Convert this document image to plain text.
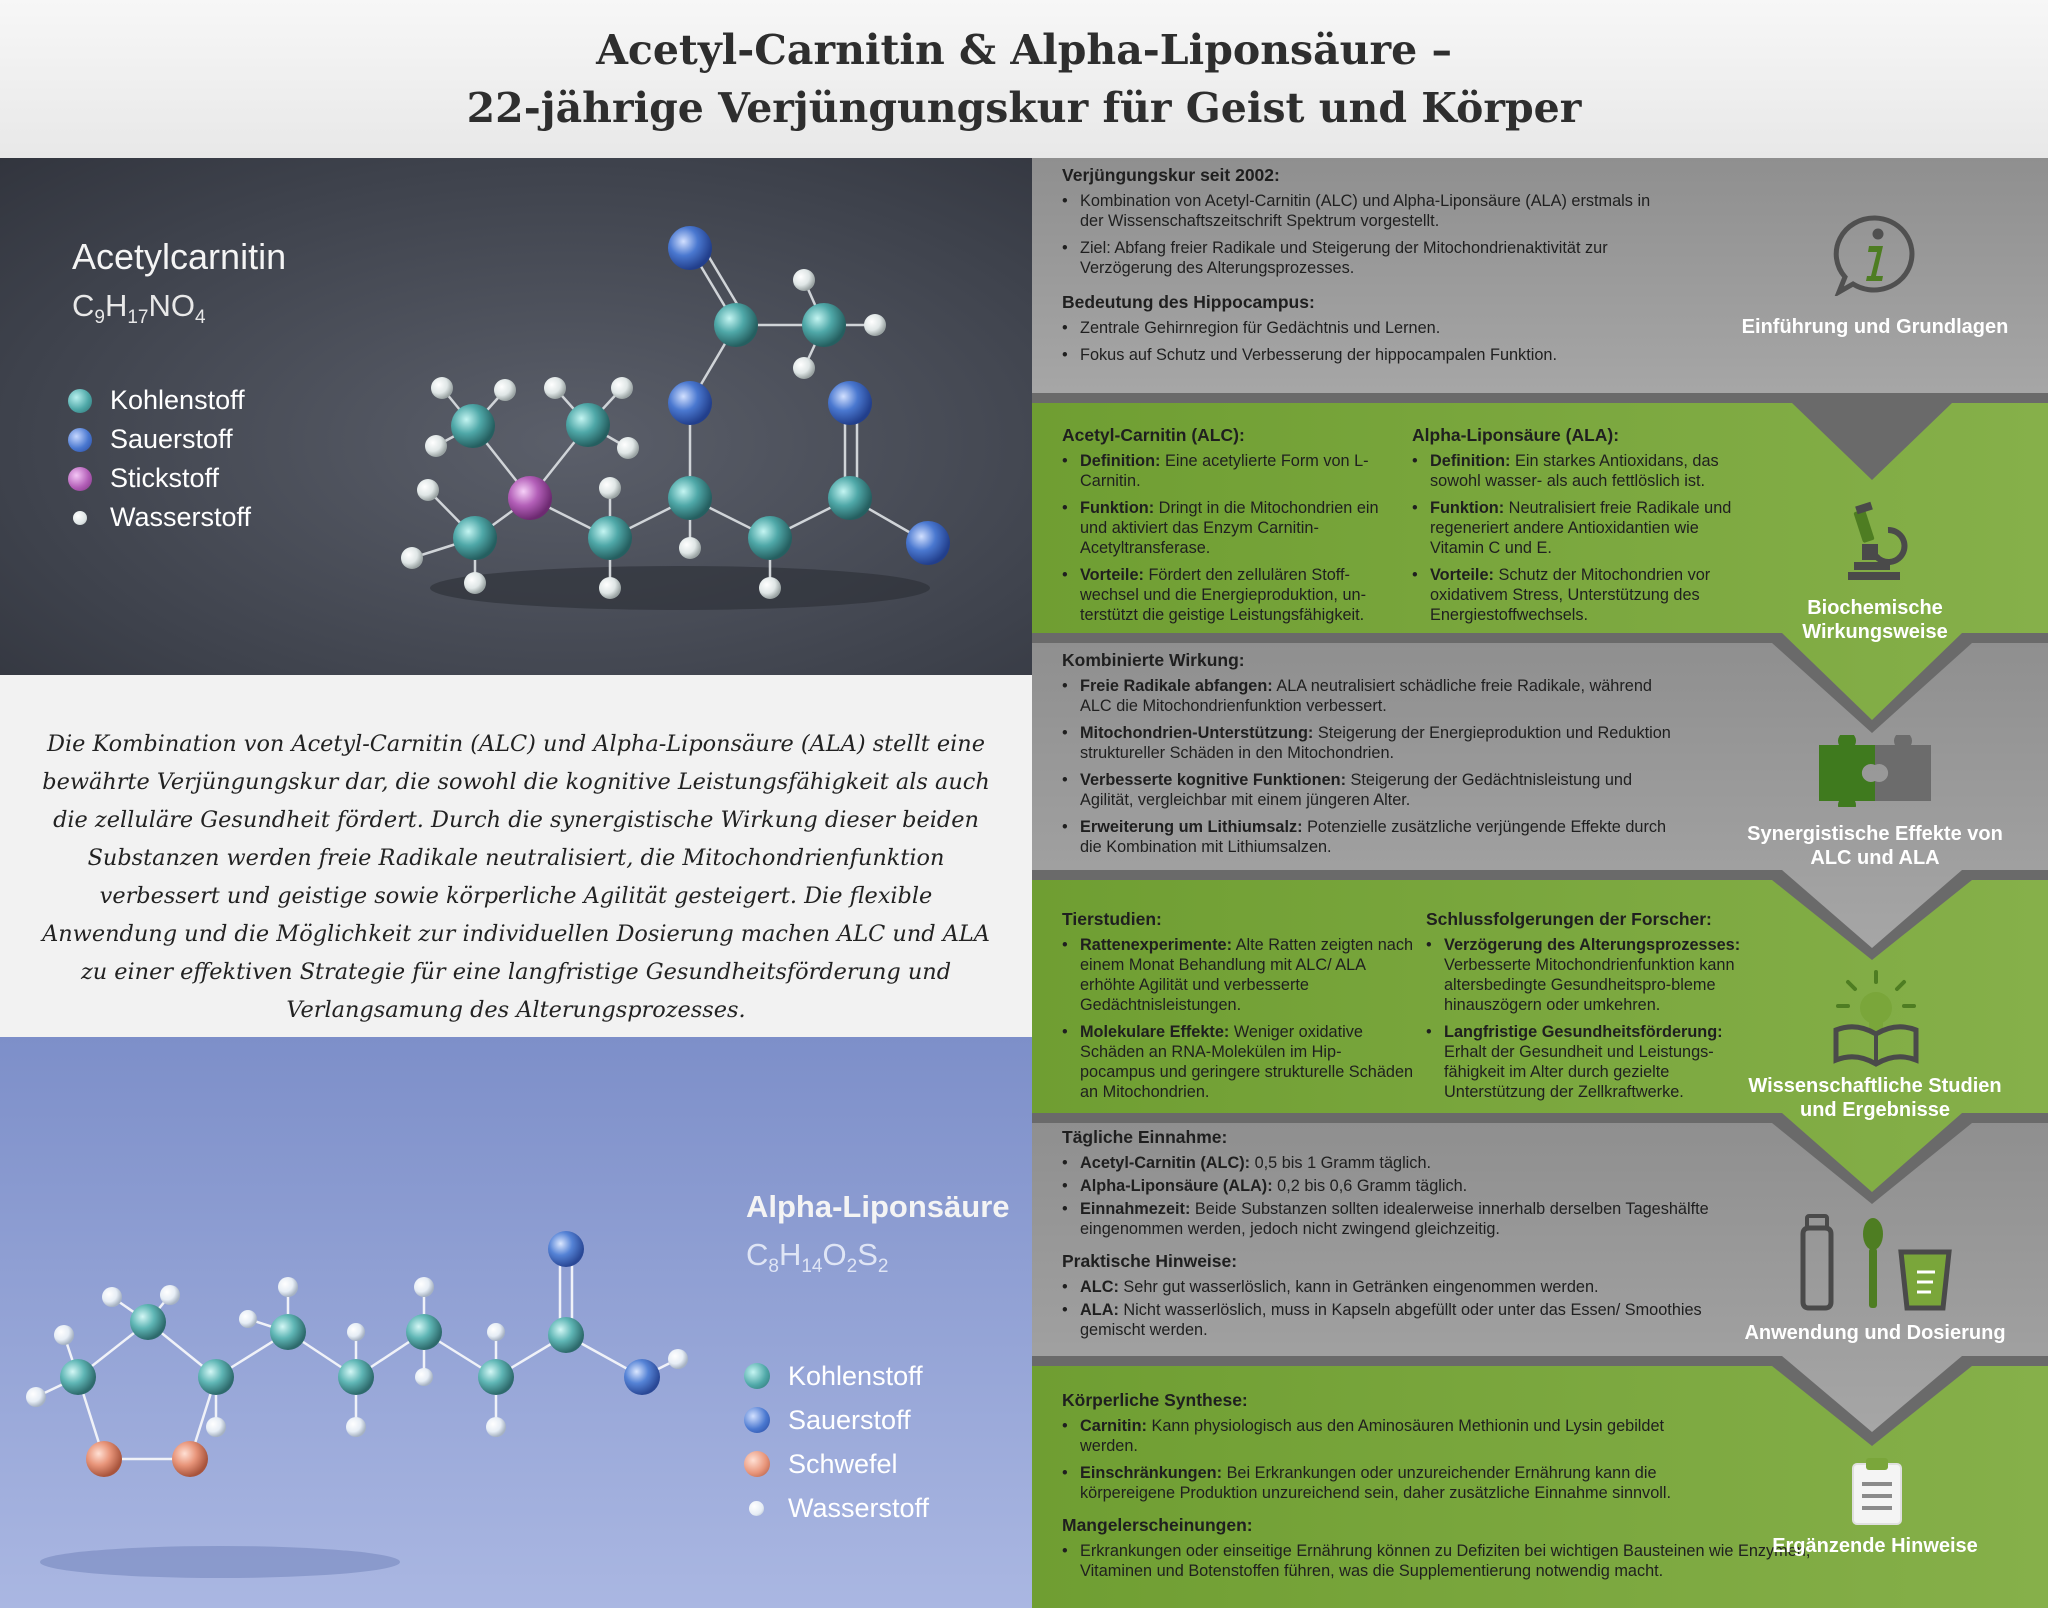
Acetyl-Carnitin & Alpha-Liponsäure –
22-jährige Verjüngungskur für Geist und Körper
Acetylcarnitin
$C_9H_{17}NO_4$
Kohlenstoff
Sauerstoff
Stickstoff
Wasserstoff

Die Kombination von Acetyl-Carnitin (ALC) und Alpha-Liponsäure (ALA) stellt eine bewährte Verjüngungskur dar, die sowohl die kognitive Leistungsfähigkeit als auch die zelluläre Gesundheit fördert. Durch die synergistische Wirkung dieser beiden Substanzen werden freie Radikale neutralisiert, die Mitochondrienfunktion verbessert und geistige sowie körperliche Agilität gesteigert. Die flexible Anwendung und die Möglichkeit zur individuellen Dosierung machen ALC und ALA zu einer effektiven Strategie für eine langfristige Gesundheitsförderung und Verlangsamung des Alterungsprozesses.

Alpha-Liponsäure
$C_8H_{14}O_2S_2$
Kohlenstoff
Sauerstoff
Schwefel
Wasserstoff
Verjüngungskur seit 2002:
• Kombination von Acetyl-Carnitin (ALC) und Alpha-Liponsäure (ALA) erstmals in der Wissenschaftszeitschrift Spektrum vorgestellt.
• Ziel: Abfang freier Radikale und Steigerung der Mitochondrienaktivität zur Verzögerung des Alterungsprozesses.
Bedeutung des Hippocampus:
• Zentrale Gehirnregion für Gedächtnis und Lernen.
• Fokus auf Schutz und Verbesserung der hippocampalen Funktion.
Einführung und Grundlagen
Acetyl-Carnitin (ALC):
• Definition: Eine acetylierte Form von L-Carnitin.
• Funktion: Dringt in die Mitochondrien ein und aktiviert das Enzym Carnitin-Acetyltransferase.
• Vorteile: Fördert den zellulären Stoff-wechsel und die Energieproduktion, un-terstützt die geistige Leistungsfähigkeit.
Alpha-Liponsäure (ALA):
• Definition: Ein starkes Antioxidans, das sowohl wasser- als auch fettlöslich ist.
• Funktion: Neutralisiert freie Radikale und regeneriert andere Antioxidantien wie Vitamin C und E.
• Vorteile: Schutz der Mitochondrien vor oxidativem Stress, Unterstützung des Energiestoffwechsels.	Biochemische Wirkungsweise
Kombinierte Wirkung:
• Freie Radikale abfangen: ALA neutralisiert schädliche freie Radikale, während ALC die Mitochondrienfunktion verbessert.
• Mitochondrien-Unterstützung: Steigerung der Energieproduktion und Reduktion struktureller Schäden in den Mitochondrien.
• Verbesserte kognitive Funktionen: Steigerung der Gedächtnisleistung und Agilität, vergleichbar mit einem jüngeren Alter.
• Erweiterung um Lithiumsalz: Potenzielle zusätzliche verjüngende Effekte durch die Kombination mit Lithiumsalzen.
Synergistische Effekte von ALC und ALA
Tierstudien:
• Rattenexperimente: Alte Ratten zeigten nach einem Monat Behandlung mit ALC/ ALA erhöhte Agilität und verbesserte Gedächtnisleistungen.
• Molekulare Effekte: Weniger oxidative Schäden an RNA-Molekülen im Hip-pocampus und geringere strukturelle Schäden an Mitochondrien.
Schlussfolgerungen der Forscher:
• Verzögerung des Alterungsprozesses: Verbesserte Mitochondrienfunktion kann altersbedingte Gesundheitspro-bleme hinauszögern oder umkehren.
• Langfristige Gesundheitsförderung: Erhalt der Gesundheit und Leistungs-fähigkeit im Alter durch gezielte Unterstützung der Zellkraftwerke.	Wissenschaftliche Studien und Ergebnisse
Tägliche Einnahme:
• Acetyl-Carnitin (ALC): 0,5 bis 1 Gramm täglich.
• Alpha-Liponsäure (ALA): 0,2 bis 0,6 Gramm täglich.
• Einnahmezeit: Beide Substanzen sollten idealerweise innerhalb derselben Tageshälfte eingenommen werden, jedoch nicht zwingend gleichzeitig.
Praktische Hinweise:
• ALC: Sehr gut wasserlöslich, kann in Getränken eingenommen werden.
• ALA: Nicht wasserlöslich, muss in Kapseln abgefüllt oder unter das Essen/ Smoothies gemischt werden.	Anwendung und Dosierung
Körperliche Synthese:
• Carnitin: Kann physiologisch aus den Aminosäuren Methionin und Lysin gebildet werden.
• Einschränkungen: Bei Erkrankungen oder unzureichender Ernährung kann die körpereigene Produktion unzureichend sein, daher zusätzliche Einnahme sinnvoll.
Mangelerscheinungen:
• Erkrankungen oder einseitige Ernährung können zu Defiziten bei wichtigen Bausteinen wie Enzymen, Vitaminen und Botenstoffen führen, was die Supplementierung notwendig macht.
Ergänzende Hinweise
